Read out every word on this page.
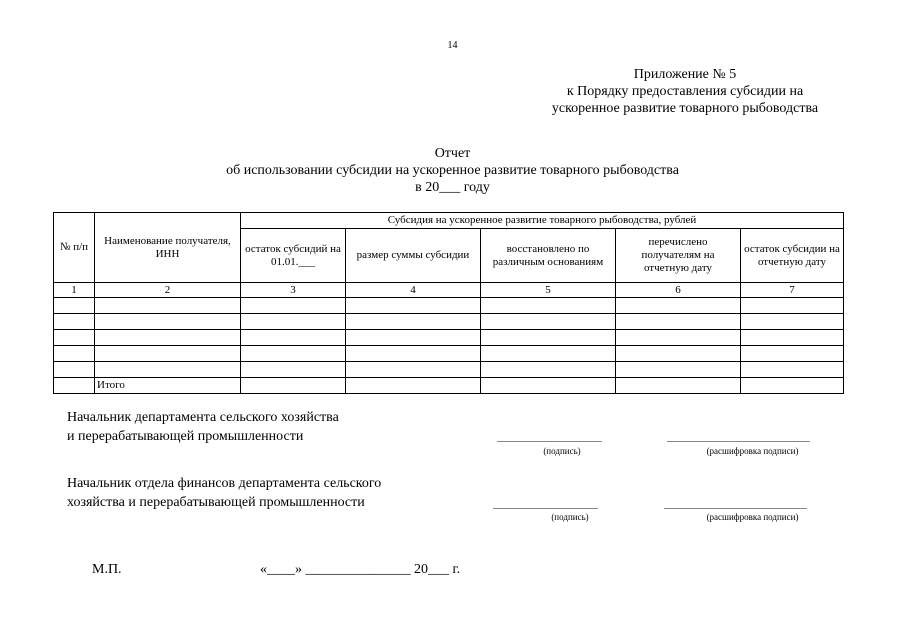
14
Приложение № 5
к Порядку предоставления субсидии на
ускоренное развитие товарного рыбоводства
Отчет
об использовании субсидии на ускоренное развитие товарного рыбоводства
в 20___ году
№ п/п	Наименование получателя, ИНН	Субсидия на ускоренное развитие товарного рыбоводства, рублей				
		остаток субсидий на 01.01.___	размер суммы субсидии	восстановлено по различным основаниям	перечислено получателям на отчетную дату	остаток субсидии на отчетную дату
1	2	3	4	5	6	7

	Итого					
Начальник департамента сельского хозяйства
и перерабатывающей промышленности
(подпись)	(расшифровка подписи)
Начальник отдела финансов департамента сельского
хозяйства и перерабатывающей промышленности
(подпись)	(расшифровка подписи)
М.П.	«____» _______________ 20___ г.
